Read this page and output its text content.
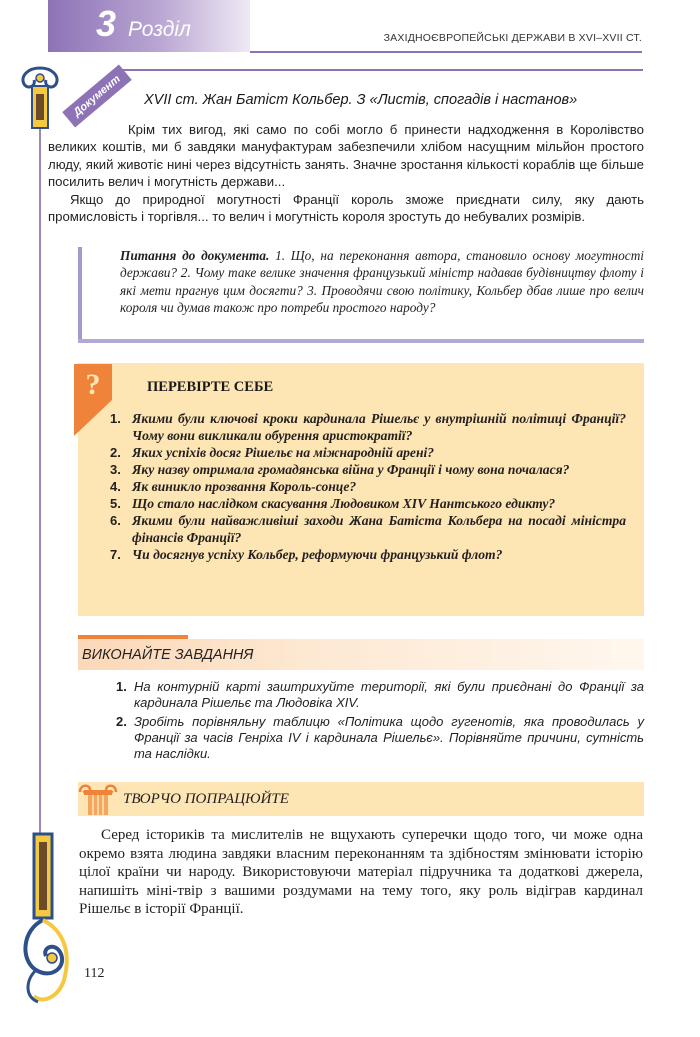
3 Розділ	ЗАХІДНОЄВРОПЕЙСЬКІ ДЕРЖАВИ В XVI–XVII СТ.
Документ	XVII ст. Жан Батіст Кольбер. З «Листів, спогадів і настанов»

Крім тих вигод, які само по собі могло б принести надходження в Королівство великих коштів, ми б завдяки мануфактурам забезпечили хлібом насущним мільйон простого люду, який животіє нині через відсутність занять. Значне зростання кількості кораблів ще більше посилить велич і могутність держави...

Якщо до природної могутності Франції король зможе приєднати силу, яку дають промисловість і торгівля... то велич і могутність короля зростуть до небувалих розмірів.

Питання до документа. 1. Що, на переконання автора, становило основу могутності держави? 2. Чому таке велике значення французький міністр надавав будівництву флоту і які мети прагнув цим досягти? 3. Проводячи свою політику, Кольбер дбав лише про велич короля чи думав також про потреби простого народу?
?	ПЕРЕВІРТЕ СЕБЕ
1. Якими були ключові кроки кардинала Рішельє у внутрішній політиці Франції? Чому вони викликали обурення аристократії?
2. Яких успіхів досяг Рішельє на міжнародній арені?
3. Яку назву отримала громадянська війна у Франції і чому вона почалася?
4. Як виникло прозвання Король-сонце?
5. Що стало наслідком скасування Людовиком XIV Нантського едикту?
6. Якими були найважливіші заходи Жана Батіста Кольбера на посаді міністра фінансів Франції?
7. Чи досягнув успіху Кольбер, реформуючи французький флот?
ВИКОНАЙТЕ ЗАВДАННЯ
1. На контурній карті заштрихуйте території, які були приєднані до Франції за кардинала Рішельє та Людовіка XIV.
2. Зробіть порівняльну таблицю «Політика щодо гугенотів, яка проводилась у Франції за часів Генріха IV і кардинала Рішельє». Порівняйте причини, сутність та наслідки.
ТВОРЧО ПОПРАЦЮЙТЕ
Серед істориків та мислителів не вщухають суперечки щодо того, чи може одна окремо взята людина завдяки власним переконанням та здібностям змінювати історію цілої країни чи народу. Використовуючи матеріал підручника та додаткові джерела, напишіть міні-твір з вашими роздумами на тему того, яку роль відіграв кардинал Рішельє в історії Франції.
112
